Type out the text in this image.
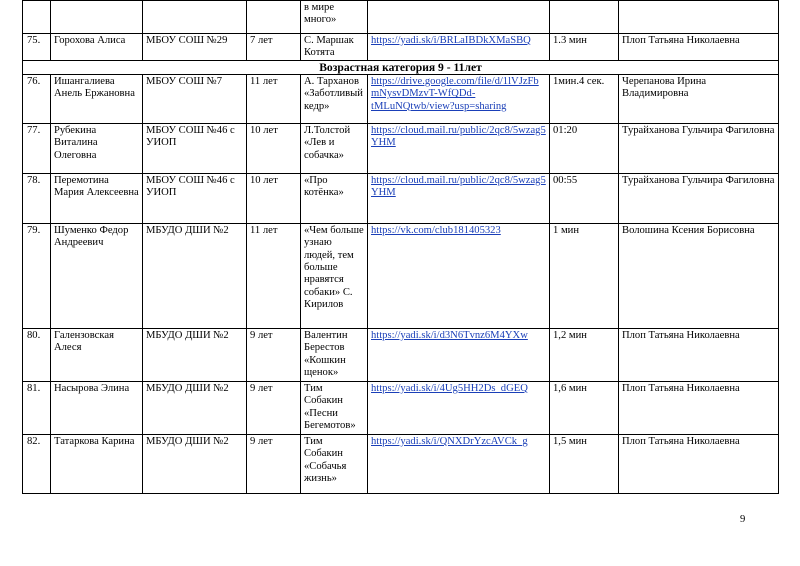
				в мире много»			
75.	Горохова Алиса	МБОУ СОШ №29	7 лет	С. Маршак Котята	https://yadi.sk/i/BRLaIBDkXMaSBQ	1.3 мин	Плоп Татьяна Николаевна
Возрастная категория 9 - 11лет							
76.	Ишангалиева Анель Ержановна	МБОУ СОШ №7	11 лет	А. Тарханов «Заботливый кедр»	https://drive.google.com/file/d/1lVJzFbmNysvDMzvT-WfQDd-tMLuNQtwb/view?usp=sharing	1мин.4 сек.	Черепанова Ирина Владимировна
77.	Рубекина Виталина Олеговна	МБОУ СОШ №46 с УИОП	10 лет	Л.Толстой «Лев и собачка»	https://cloud.mail.ru/public/2qc8/5wzag5YHM	01:20	Турайханова Гульчира Фагиловна
78.	Перемотина Мария Алексеевна	МБОУ СОШ №46 с УИОП	10 лет	«Про котёнка»	https://cloud.mail.ru/public/2qc8/5wzag5YHM	00:55	Турайханова Гульчира Фагиловна
79.	Шуменко Федор Андреевич	МБУДО ДШИ №2	11 лет	«Чем больше узнаю людей, тем больше нравятся собаки» С. Кирилов	https://vk.com/club181405323	1 мин	Волошина Ксения Борисовна
80.	Галензовская Алеся	МБУДО ДШИ №2	9 лет	Валентин Берестов «Кошкин щенок»	https://yadi.sk/i/d3N6Tvnz6M4YXw	1,2 мин	Плоп Татьяна Николаевна
81.	Насырова Элина	МБУДО ДШИ №2	9 лет	Тим Собакин «Песни Бегемотов»	https://yadi.sk/i/4Ug5HH2Ds_dGEQ	1,6 мин	Плоп Татьяна Николаевна
82.	Татаркова Карина	МБУДО ДШИ №2	9 лет	Тим Собакин «Собачья жизнь»	https://yadi.sk/i/QNXDrYzcAVCk_g	1,5 мин	Плоп Татьяна Николаевна
9
